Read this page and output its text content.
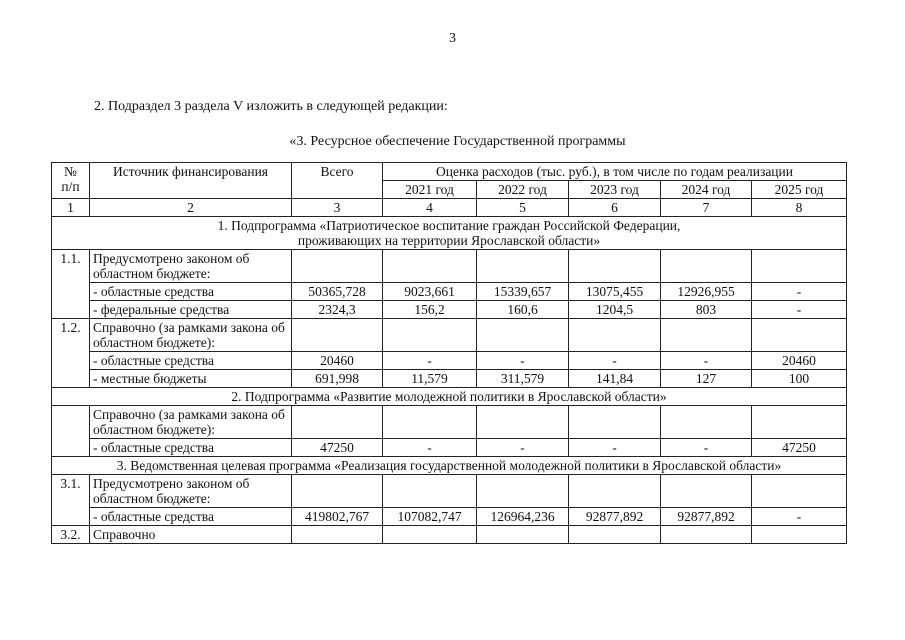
3
2. Подраздел 3 раздела V изложить в следующей редакции:
«3. Ресурсное обеспечение Государственной программы
№
п/п	Источник финансирования	Всего	Оценка расходов (тыс. руб.), в том числе по годам реализации				
			2021 год	2022 год	2023 год	2024 год	2025 год
1	2	3	4	5	6	7	8
1. Подпрограмма «Патриотическое воспитание граждан Российской Федерации,
проживающих на территории Ярославской области»							
1.1.	Предусмотрено законом об областном бюджете:						
	- областные средства	50365,728	9023,661	15339,657	13075,455	12926,955	-
	- федеральные средства	2324,3	156,2	160,6	1204,5	803	-
1.2.	Справочно (за рамками закона об областном бюджете):						
	- областные средства	20460	-	-	-	-	20460
	- местные бюджеты	691,998	11,579	311,579	141,84	127	100
2. Подпрограмма «Развитие молодежной политики в Ярославской области»							
	Справочно (за рамками закона об областном бюджете):						
	- областные средства	47250	-	-	-	-	47250
3. Ведомственная целевая программа «Реализация государственной молодежной политики в Ярославской области»							
3.1.	Предусмотрено законом об областном бюджете:						
	- областные средства	419802,767	107082,747	126964,236	92877,892	92877,892	-
3.2.	Справочно						
